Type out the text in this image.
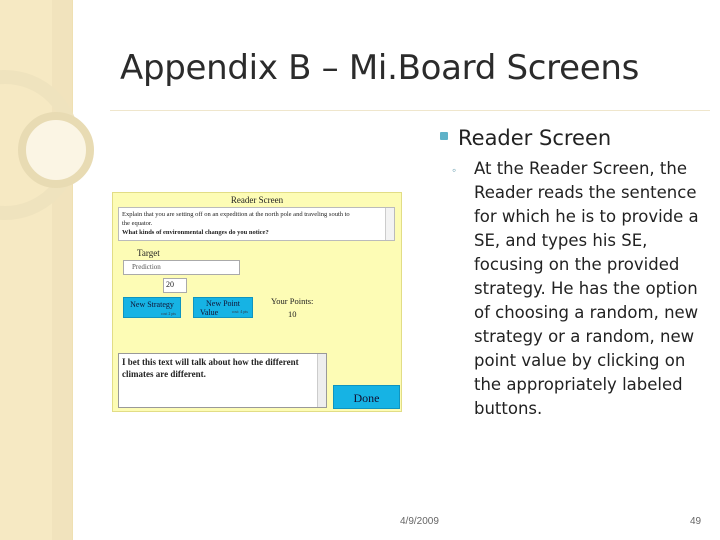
Appendix B – Mi.Board Screens
Reader Screen
◦ At the Reader Screen, the Reader reads the sentence for which he is to provide a SE, and types his SE, focusing on the provided strategy. He has the option of choosing a random, new strategy or a random, new point value by clicking on the appropriately labeled buttons.
Reader Screen
Explain that you are setting off on an expedition at the north pole and traveling south to
the equator.
What kinds of environmental changes do you notice?
Target
Prediction
20
New Strategy
cost 2 pts
New Point
Value	cost: 4 pts
Your Points:
10
I bet this text will talk about how the different climates are different.
Done
4/9/2009	49
